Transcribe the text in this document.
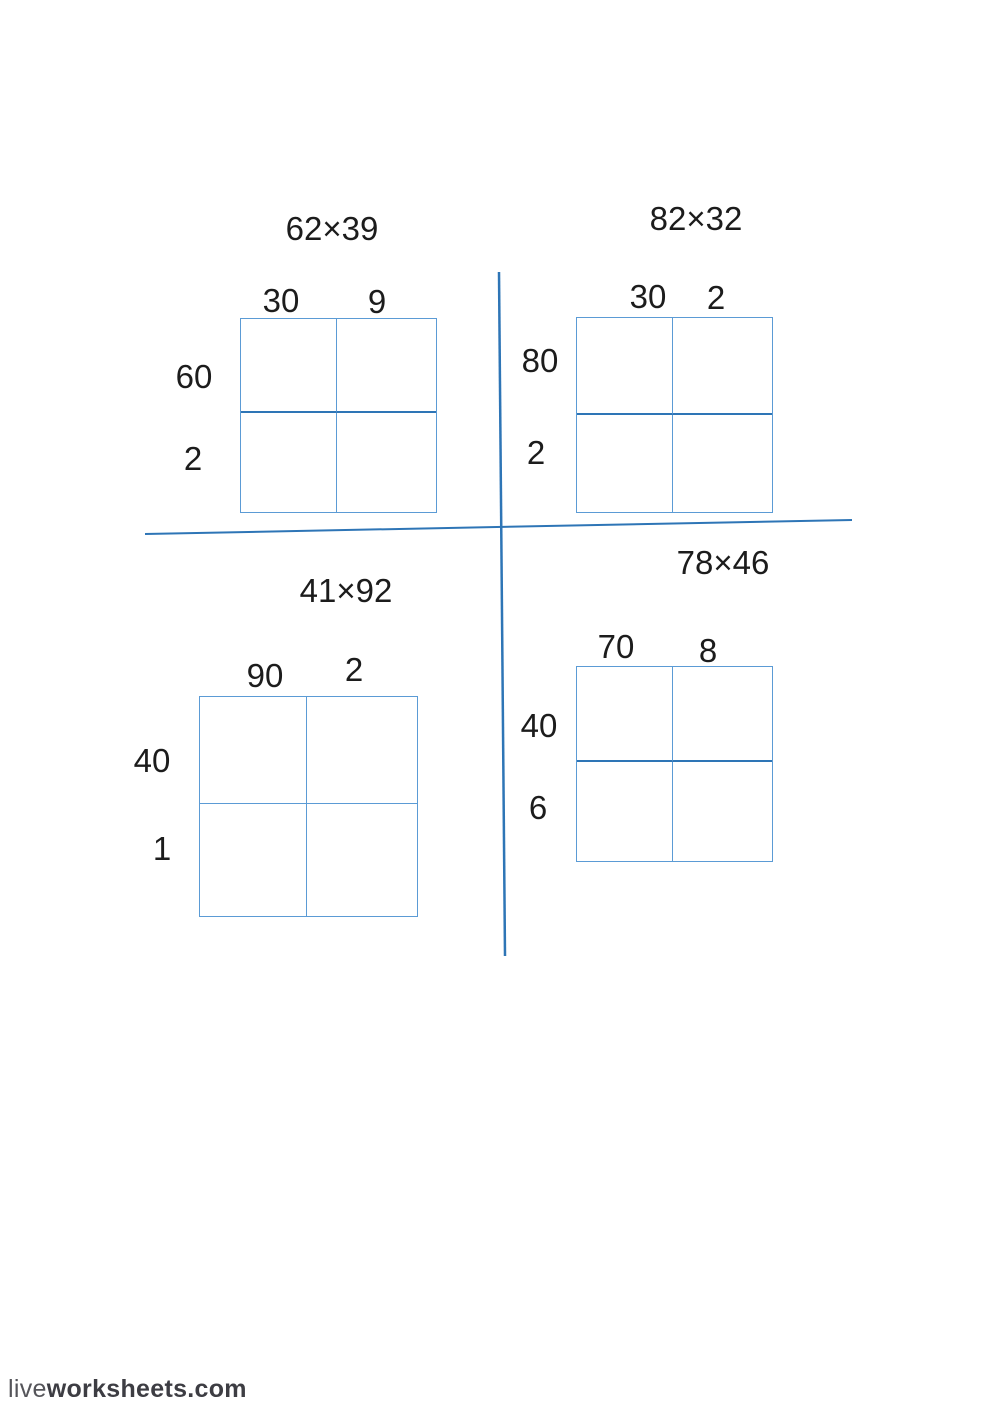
62×39
30 9
60
2
82×32
30 2
80
2
41×92
90 2
40
1
78×46
70 8
40
6
liveworksheets.com
